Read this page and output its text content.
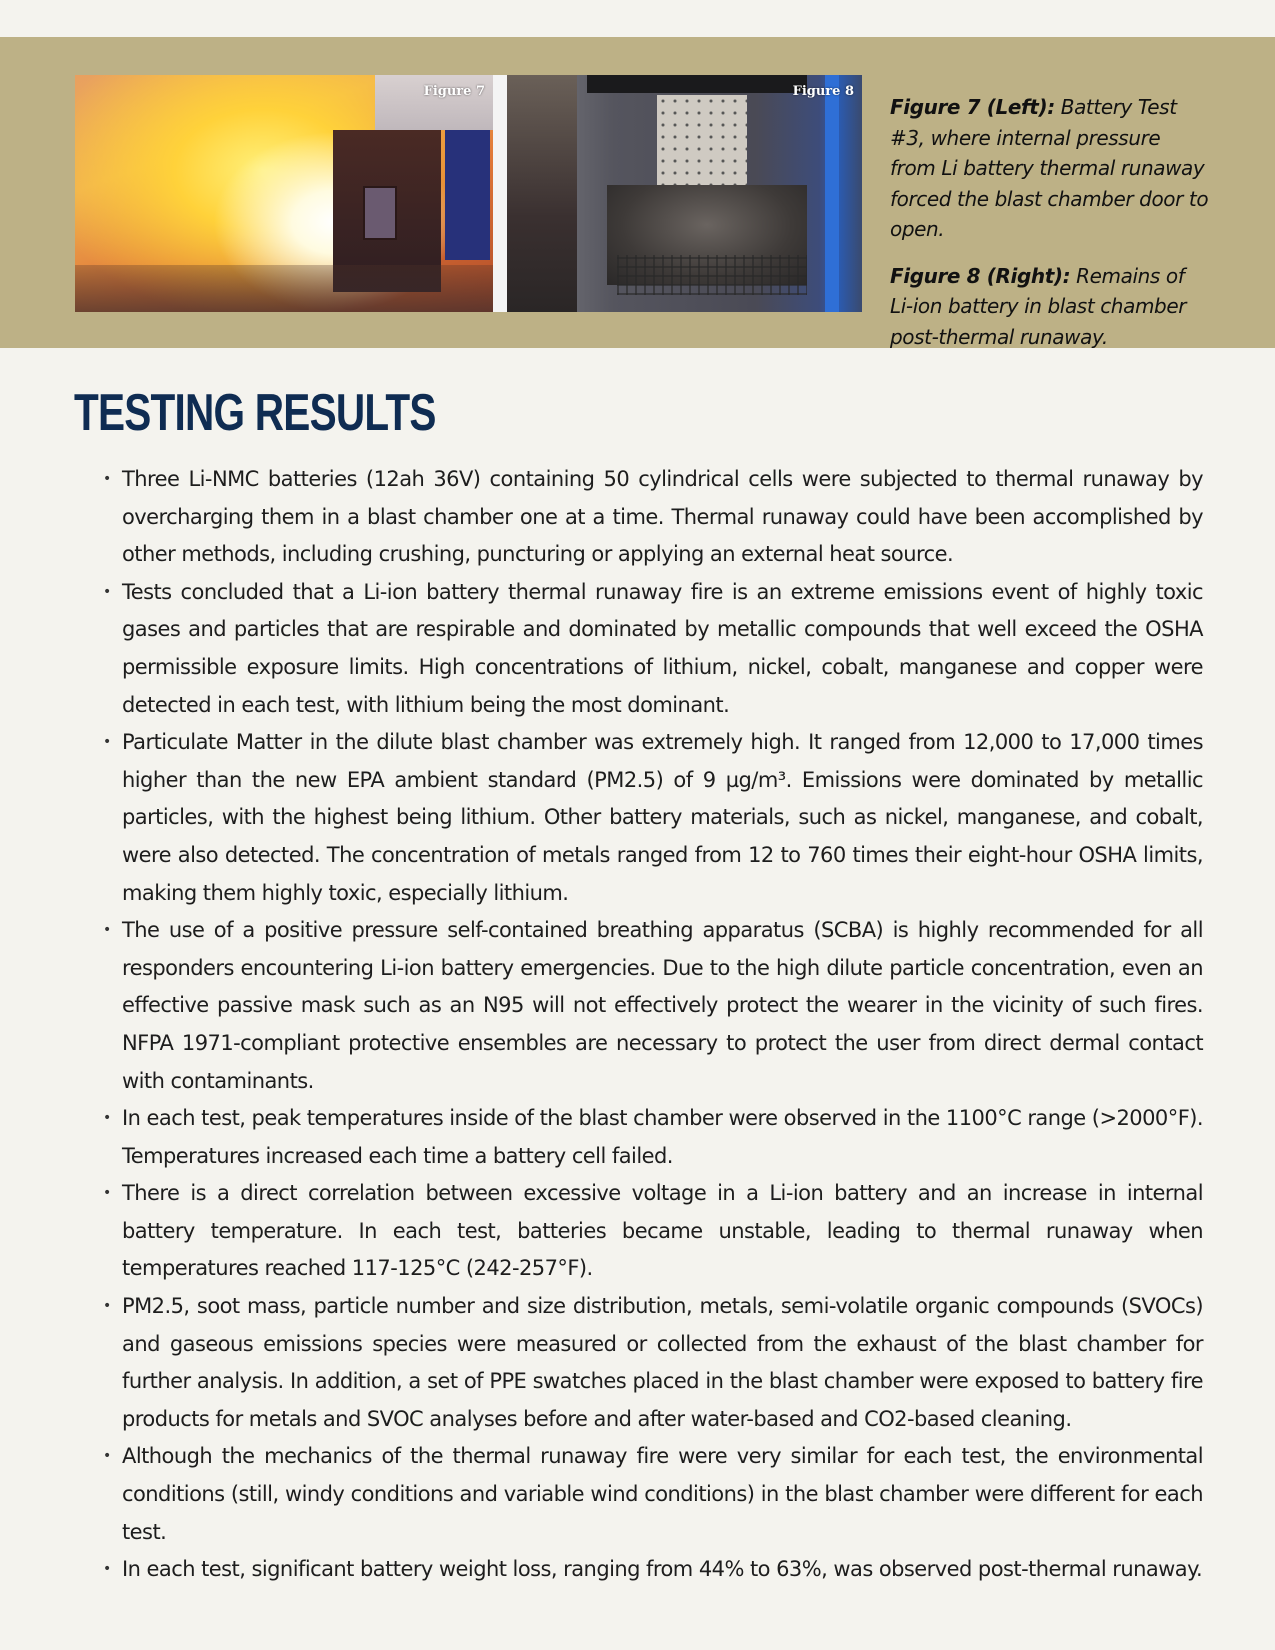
Figure 7	Figure 8

Figure 7 (Left): Battery Test #3, where internal pressure from Li battery thermal runaway forced the blast chamber door to open.

Figure 8 (Right): Remains of Li-ion battery in blast chamber post-thermal runaway.

TESTING RESULTS
• Three Li-NMC batteries (12ah 36V) containing 50 cylindrical cells were subjected to thermal runaway by overcharging them in a blast chamber one at a time. Thermal runaway could have been accomplished by other methods, including crushing, puncturing or applying an external heat source.
• Tests concluded that a Li-ion battery thermal runaway fire is an extreme emissions event of highly toxic gases and particles that are respirable and dominated by metallic compounds that well exceed the OSHA permissible exposure limits. High concentrations of lithium, nickel, cobalt, manganese and copper were detected in each test, with lithium being the most dominant.
• Particulate Matter in the dilute blast chamber was extremely high. It ranged from 12,000 to 17,000 times higher than the new EPA ambient standard (PM2.5) of 9 µg/m³. Emissions were dominated by metallic particles, with the highest being lithium. Other battery materials, such as nickel, manganese, and cobalt, were also detected. The concentration of metals ranged from 12 to 760 times their eight-hour OSHA limits, making them highly toxic, especially lithium.
• The use of a positive pressure self-contained breathing apparatus (SCBA) is highly recommended for all responders encountering Li-ion battery emergencies. Due to the high dilute particle concentration, even an effective passive mask such as an N95 will not effectively protect the wearer in the vicinity of such fires. NFPA 1971-compliant protective ensembles are necessary to protect the user from direct dermal contact with contaminants.
• In each test, peak temperatures inside of the blast chamber were observed in the 1100°C range (>2000°F). Temperatures increased each time a battery cell failed.
• There is a direct correlation between excessive voltage in a Li-ion battery and an increase in internal battery temperature. In each test, batteries became unstable, leading to thermal runaway when temperatures reached 117-125°C (242-257°F).
• PM2.5, soot mass, particle number and size distribution, metals, semi-volatile organic compounds (SVOCs) and gaseous emissions species were measured or collected from the exhaust of the blast chamber for further analysis. In addition, a set of PPE swatches placed in the blast chamber were exposed to battery fire products for metals and SVOC analyses before and after water-based and CO2-based cleaning.
• Although the mechanics of the thermal runaway fire were very similar for each test, the environmental conditions (still, windy conditions and variable wind conditions) in the blast chamber were different for each test.
• In each test, significant battery weight loss, ranging from 44% to 63%, was observed post-thermal runaway.
